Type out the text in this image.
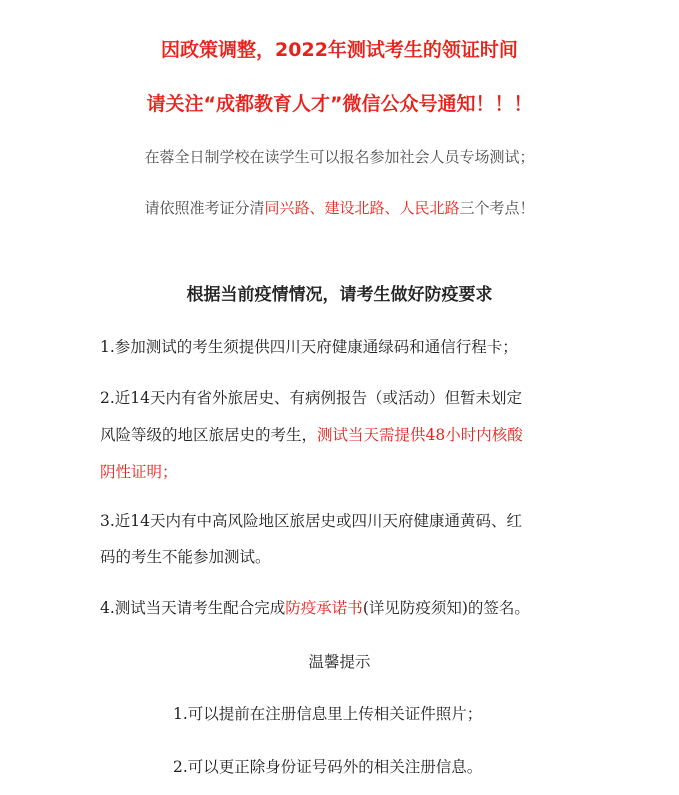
因政策调整，2022年测试考生的领证时间
请关注“成都教育人才”微信公众号通知！！！
在蓉全日制学校在读学生可以报名参加社会人员专场测试；
请依照准考证分清同兴路、建设北路、人民北路三个考点！
根据当前疫情情况，请考生做好防疫要求
1.参加测试的考生须提供四川天府健康通绿码和通信行程卡；
2.近14天内有省外旅居史、有病例报告（或活动）但暂未划定
风险等级的地区旅居史的考生，测试当天需提供48小时内核酸
阴性证明；
3.近14天内有中高风险地区旅居史或四川天府健康通黄码、红
码的考生不能参加测试。
4.测试当天请考生配合完成防疫承诺书(详见防疫须知)的签名。
温馨提示
1.可以提前在注册信息里上传相关证件照片；
2.可以更正除身份证号码外的相关注册信息。
